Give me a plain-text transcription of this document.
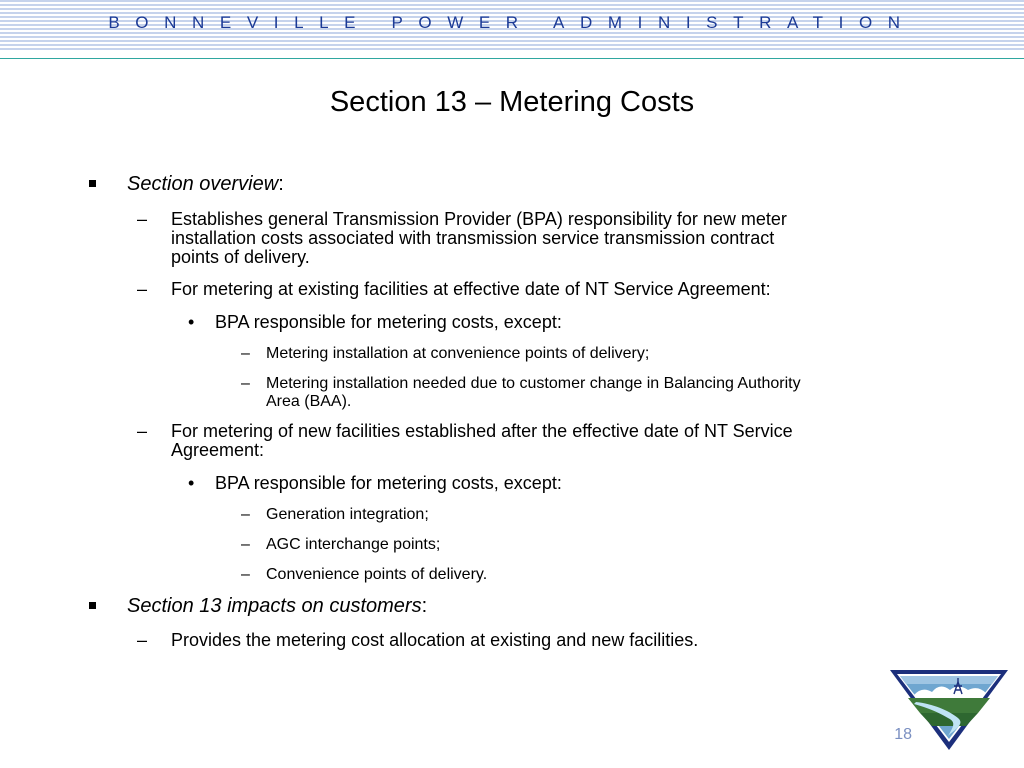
BONNEVILLE POWER ADMINISTRATION
Section 13 – Metering Costs
Section overview:
– Establishes general Transmission Provider (BPA) responsibility for new meter
installation costs associated with transmission service transmission contract
points of delivery.
– For metering at existing facilities at effective date of NT Service Agreement:
• BPA responsible for metering costs, except:
– Metering installation at convenience points of delivery;
– Metering installation needed due to customer change in Balancing Authority
Area (BAA).
– For metering of new facilities established after the effective date of NT Service
Agreement:
• BPA responsible for metering costs, except:
– Generation integration;
– AGC interchange points;
– Convenience points of delivery.
Section 13 impacts on customers:
– Provides the metering cost allocation at existing and new facilities.
18
